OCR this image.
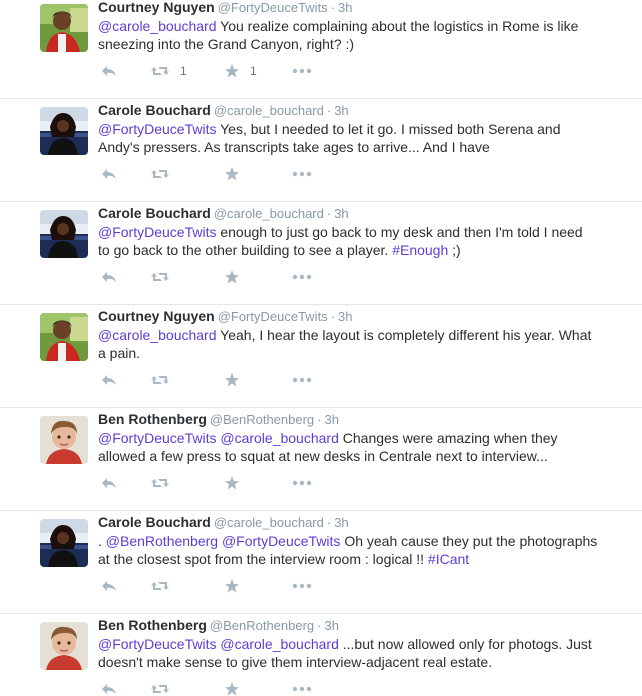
Courtney Nguyen @FortyDeuceTwits · 3h
@carole_bouchard You realize complaining about the logistics in Rome is like
sneezing into the Grand Canyon, right? :)
1	1
Carole Bouchard @carole_bouchard · 3h
@FortyDeuceTwits Yes, but I needed to let it go. I missed both Serena and
Andy's pressers. As transcripts take ages to arrive... And I have
Carole Bouchard @carole_bouchard · 3h
@FortyDeuceTwits enough to just go back to my desk and then I'm told I need
to go back to the other building to see a player. #Enough ;)
Courtney Nguyen @FortyDeuceTwits · 3h
@carole_bouchard Yeah, I hear the layout is completely different his year. What
a pain.
Ben Rothenberg @BenRothenberg · 3h
@FortyDeuceTwits @carole_bouchard Changes were amazing when they
allowed a few press to squat at new desks in Centrale next to interview...
Carole Bouchard @carole_bouchard · 3h
. @BenRothenberg @FortyDeuceTwits Oh yeah cause they put the photographs
at the closest spot from the interview room : logical !! #ICant
Ben Rothenberg @BenRothenberg · 3h
@FortyDeuceTwits @carole_bouchard ...but now allowed only for photogs. Just
doesn't make sense to give them interview-adjacent real estate.
